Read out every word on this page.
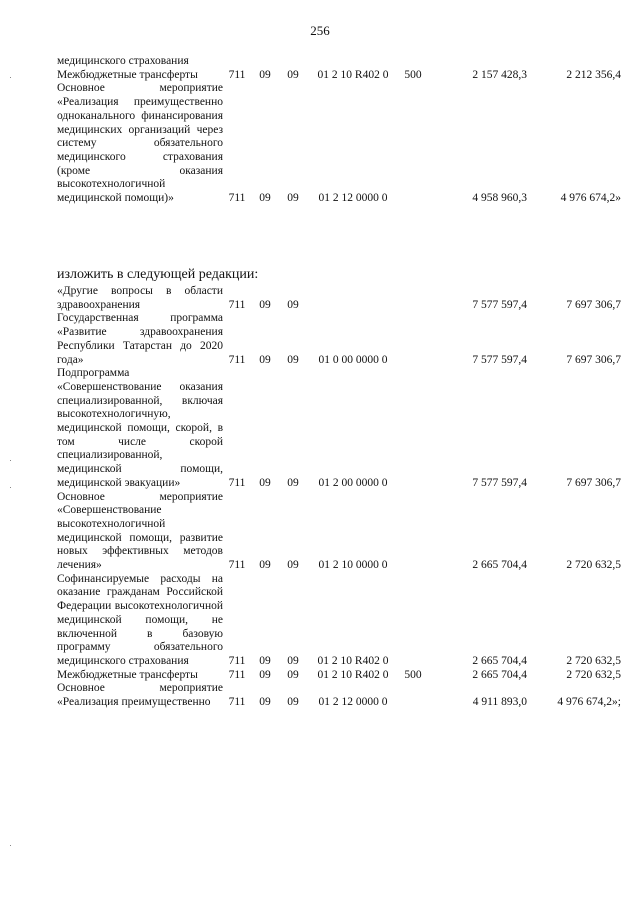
256
медицинского страхования							
Межбюджетные трансферты	711	09	09	01 2 10 R402 0	500	2 157 428,3	2 212 356,4
Основное мероприятие «Реализация преимущественно одноканального финансирования медицинских организаций через систему обязательного медицинского страхования (кроме оказания высокотехнологичной медицинской помощи)»	711	09	09	01 2 12 0000 0		4 958 960,3	4 976 674,2»
изложить в следующей редакции:
«Другие вопросы в области здравоохранения	711	09	09			7 577 597,4	7 697 306,7
Государственная программа «Развитие здравоохранения Республики Татарстан до 2020 года»	711	09	09	01 0 00 0000 0		7 577 597,4	7 697 306,7
Подпрограмма «Совершенствование оказания специализированной, включая высокотехнологичную, медицинской помощи, скорой, в том числе скорой специализированной, медицинской помощи, медицинской эвакуации»	711	09	09	01 2 00 0000 0		7 577 597,4	7 697 306,7
Основное мероприятие «Совершенствование высокотехнологичной медицинской помощи, развитие новых эффективных методов лечения»	711	09	09	01 2 10 0000 0		2 665 704,4	2 720 632,5
Софинансируемые расходы на оказание гражданам Российской Федерации высокотехнологичной медицинской помощи, не включенной в базовую программу обязательного медицинского страхования	711	09	09	01 2 10 R402 0		2 665 704,4	2 720 632,5
Межбюджетные трансферты	711	09	09	01 2 10 R402 0	500	2 665 704,4	2 720 632,5
Основное мероприятие «Реализация преимущественно	711	09	09	01 2 12 0000 0		4 911 893,0	4 976 674,2»;
